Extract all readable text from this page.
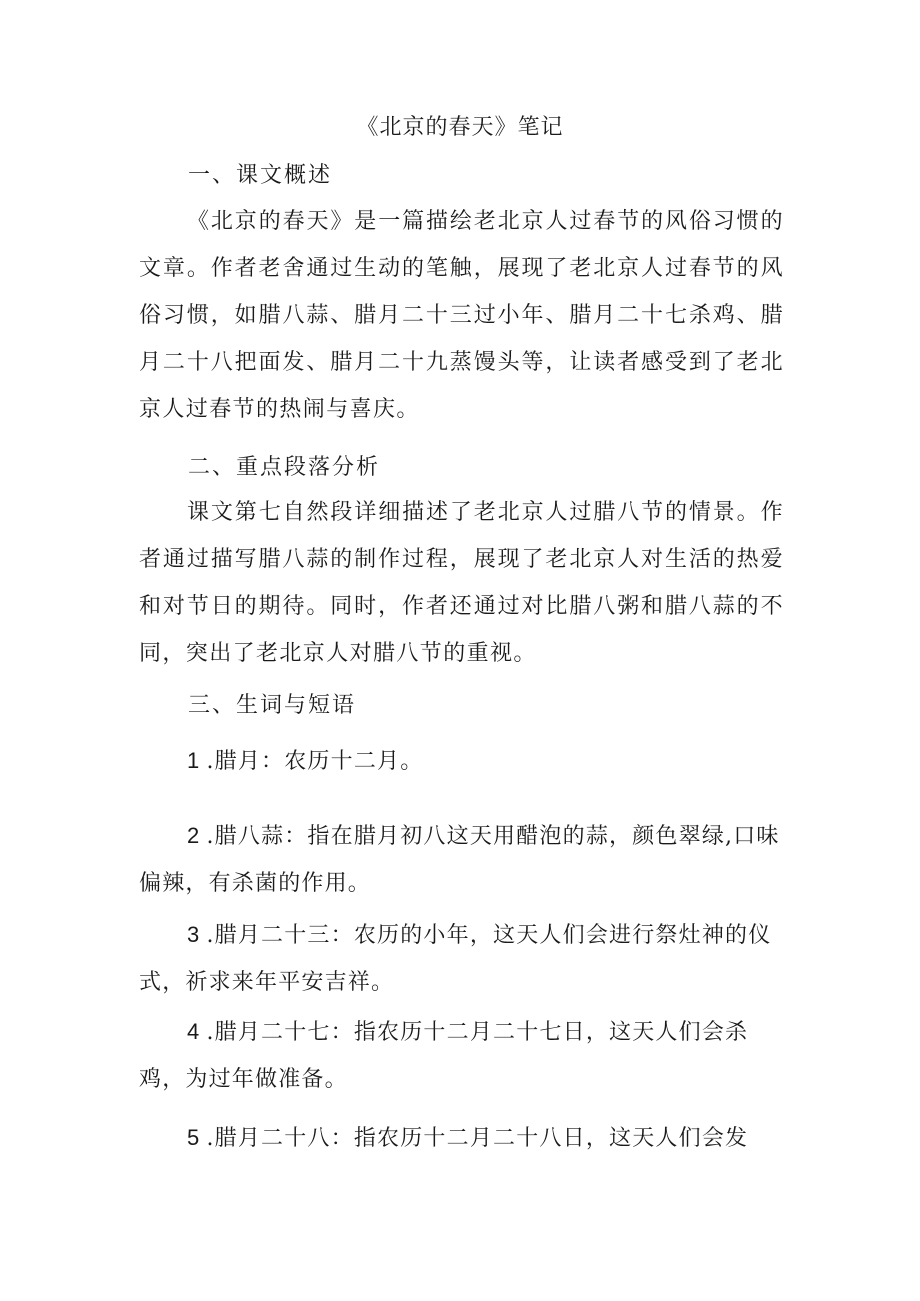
《北京的春天》笔记
一、课文概述
《北京的春天》是一篇描绘老北京人过春节的风俗习惯的文章。作者老舍通过生动的笔触，展现了老北京人过春节的风俗习惯，如腊八蒜、腊月二十三过小年、腊月二十七杀鸡、腊月二十八把面发、腊月二十九蒸馒头等，让读者感受到了老北京人过春节的热闹与喜庆。
二、重点段落分析
课文第七自然段详细描述了老北京人过腊八节的情景。作者通过描写腊八蒜的制作过程，展现了老北京人对生活的热爱和对节日的期待。同时，作者还通过对比腊八粥和腊八蒜的不同，突出了老北京人对腊八节的重视。
三、生词与短语
1 .腊月：农历十二月。
2 .腊八蒜：指在腊月初八这天用醋泡的蒜，颜色翠绿,口味偏辣，有杀菌的作用。
3 .腊月二十三：农历的小年，这天人们会进行祭灶神的仪式，祈求来年平安吉祥。
4 .腊月二十七：指农历十二月二十七日，这天人们会杀鸡，为过年做准备。
5 .腊月二十八：指农历十二月二十八日，这天人们会发
